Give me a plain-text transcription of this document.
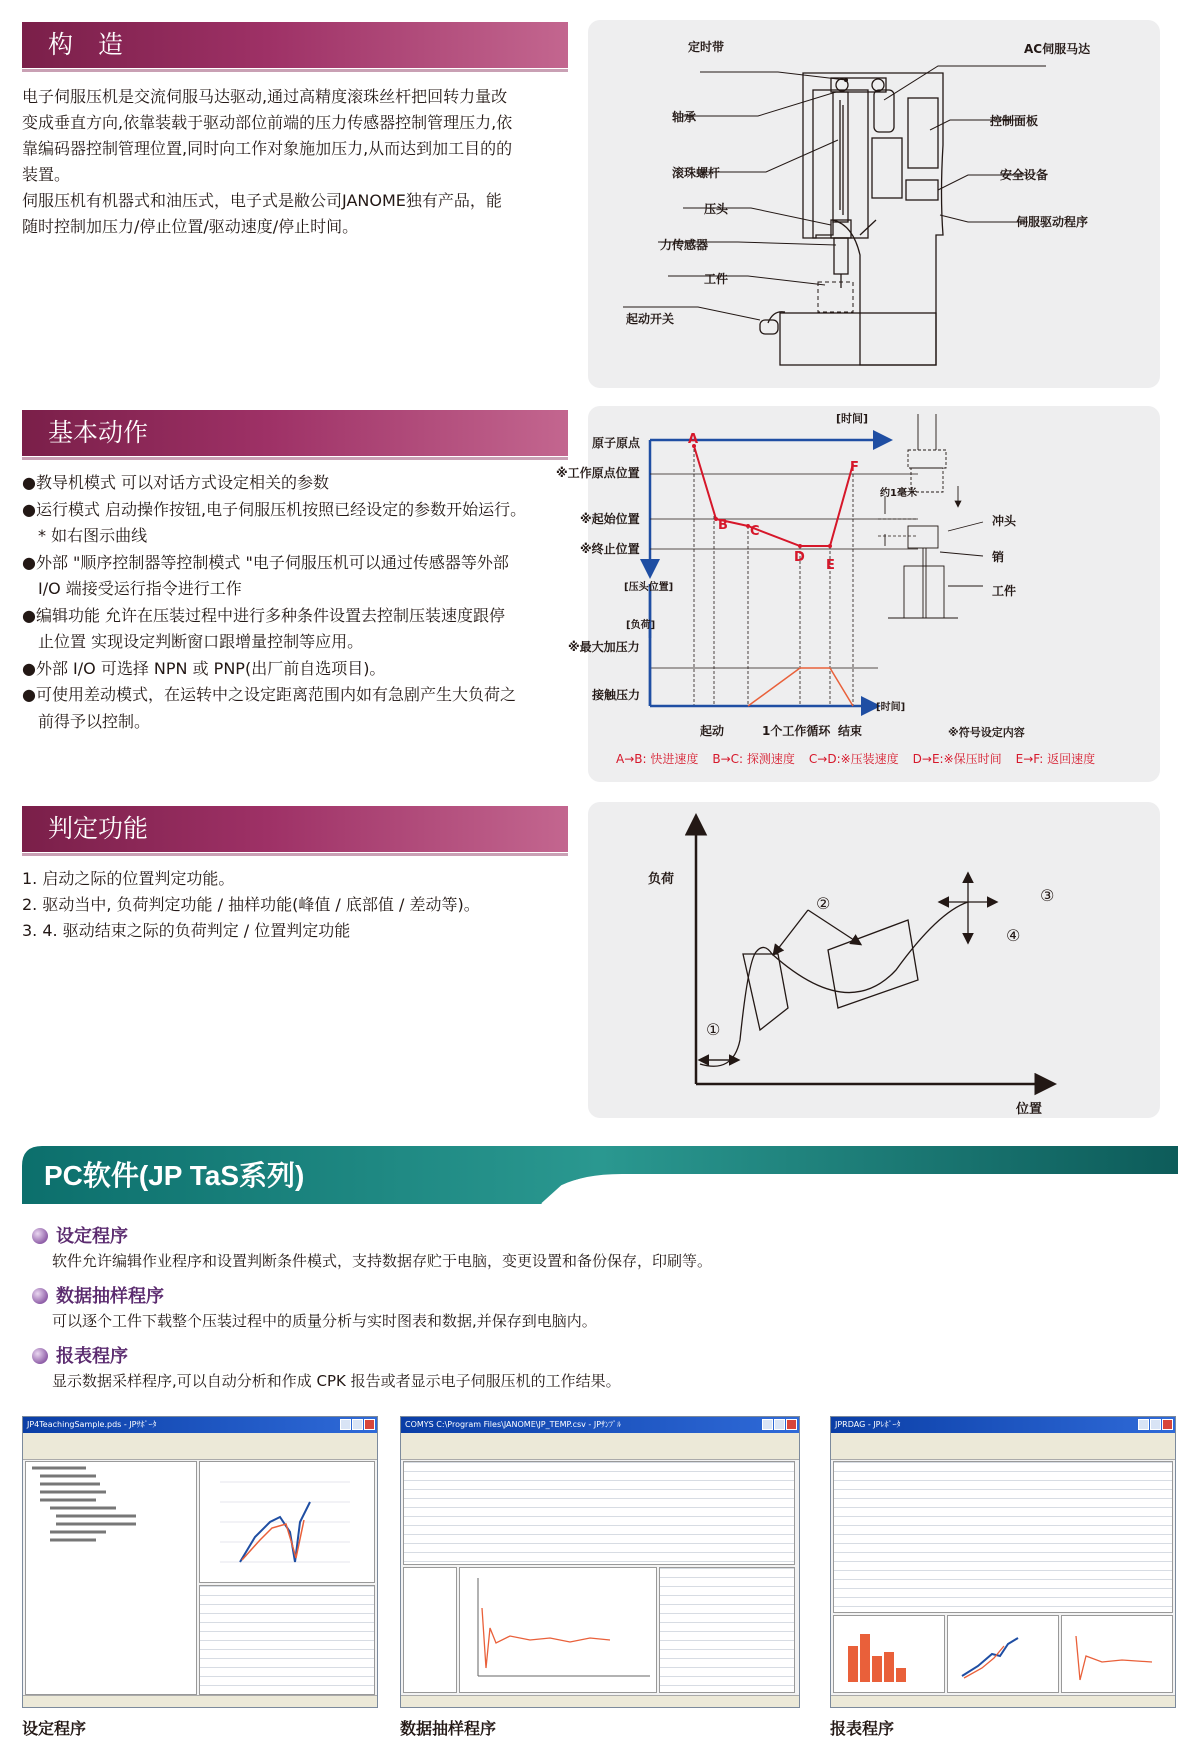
构　造

电子伺服压机是交流伺服马达驱动,通过高精度滚珠丝杆把回转力量改

变成垂直方向,依靠装载于驱动部位前端的压力传感器控制管理压力,依

靠编码器控制管理位置,同时向工作对象施加压力,从而达到加工目的的

装置。

伺服压机有机器式和油压式，电子式是敝公司JANOME独有产品，能

随时控制加压力/停止位置/驱动速度/停止时间。

定时带	AC伺服马达
轴承	控制面板
滚珠螺杆	安全设备
压头
伺服驱动程序
力传感器
工件
起动开关
基本动作

●教导机模式 可以对话方式设定相关的参数

●运行模式 启动操作按钮,电子伺服压机按照已经设定的参数开始运行。

　* 如右图示曲线

●外部 "顺序控制器等控制模式 "电子伺服压机可以通过传感器等外部

　I/O 端接受运行指令进行工作

●编辑功能 允许在压装过程中进行多种条件设置去控制压装速度跟停

　止位置 实现设定判断窗口跟增量控制等应用。

●外部 I/O 可选择 NPN 或 PNP(出厂前自选项目)。

●可使用差动模式，在运转中之设定距离范围内如有急剧产生大负荷之

　前得予以控制。

[时间]
原子原点
※工作原点位置
※起始位置
※终止位置
[压头位置]
[负荷]
※最大加压力
接触压力
[时间]
约1毫米
冲头
销
工件
起动	1个工作循环 结束	※符号设定内容
A
B C
D
E
F
A→B: 快进速度 B→C: 探测速度 C→D:※压装速度 D→E:※保压时间 E→F: 返回速度
判定功能

1. 启动之际的位置判定功能。

2. 驱动当中, 负荷判定功能 / 抽样功能(峰值 / 底部值 / 差动等)。

3. 4. 驱动结束之际的负荷判定 / 位置判定功能

负荷
位置
①
②	③
④
PC软件(JP TaS系列)
设定程序
软件允许编辑作业程序和设置判断条件模式，支持数据存贮于电脑，变更设置和备份保存，印刷等。
数据抽样程序
可以逐个工件下载整个压装过程中的质量分析与实时图表和数据,并保存到电脑内。
报表程序
显示数据采样程序,可以自动分析和作成 CPK 报告或者显示电子伺服压机的工作结果。
JP4TeachingSample.pds - JPｻﾎﾟｰﾀ
设定程序
COMYS C:\Program Files\JANOME\JP_TEMP.csv - JPｻﾝﾌﾟﾙ
数据抽样程序
JPRDAG - JPﾚﾎﾟｰﾀ
报表程序
